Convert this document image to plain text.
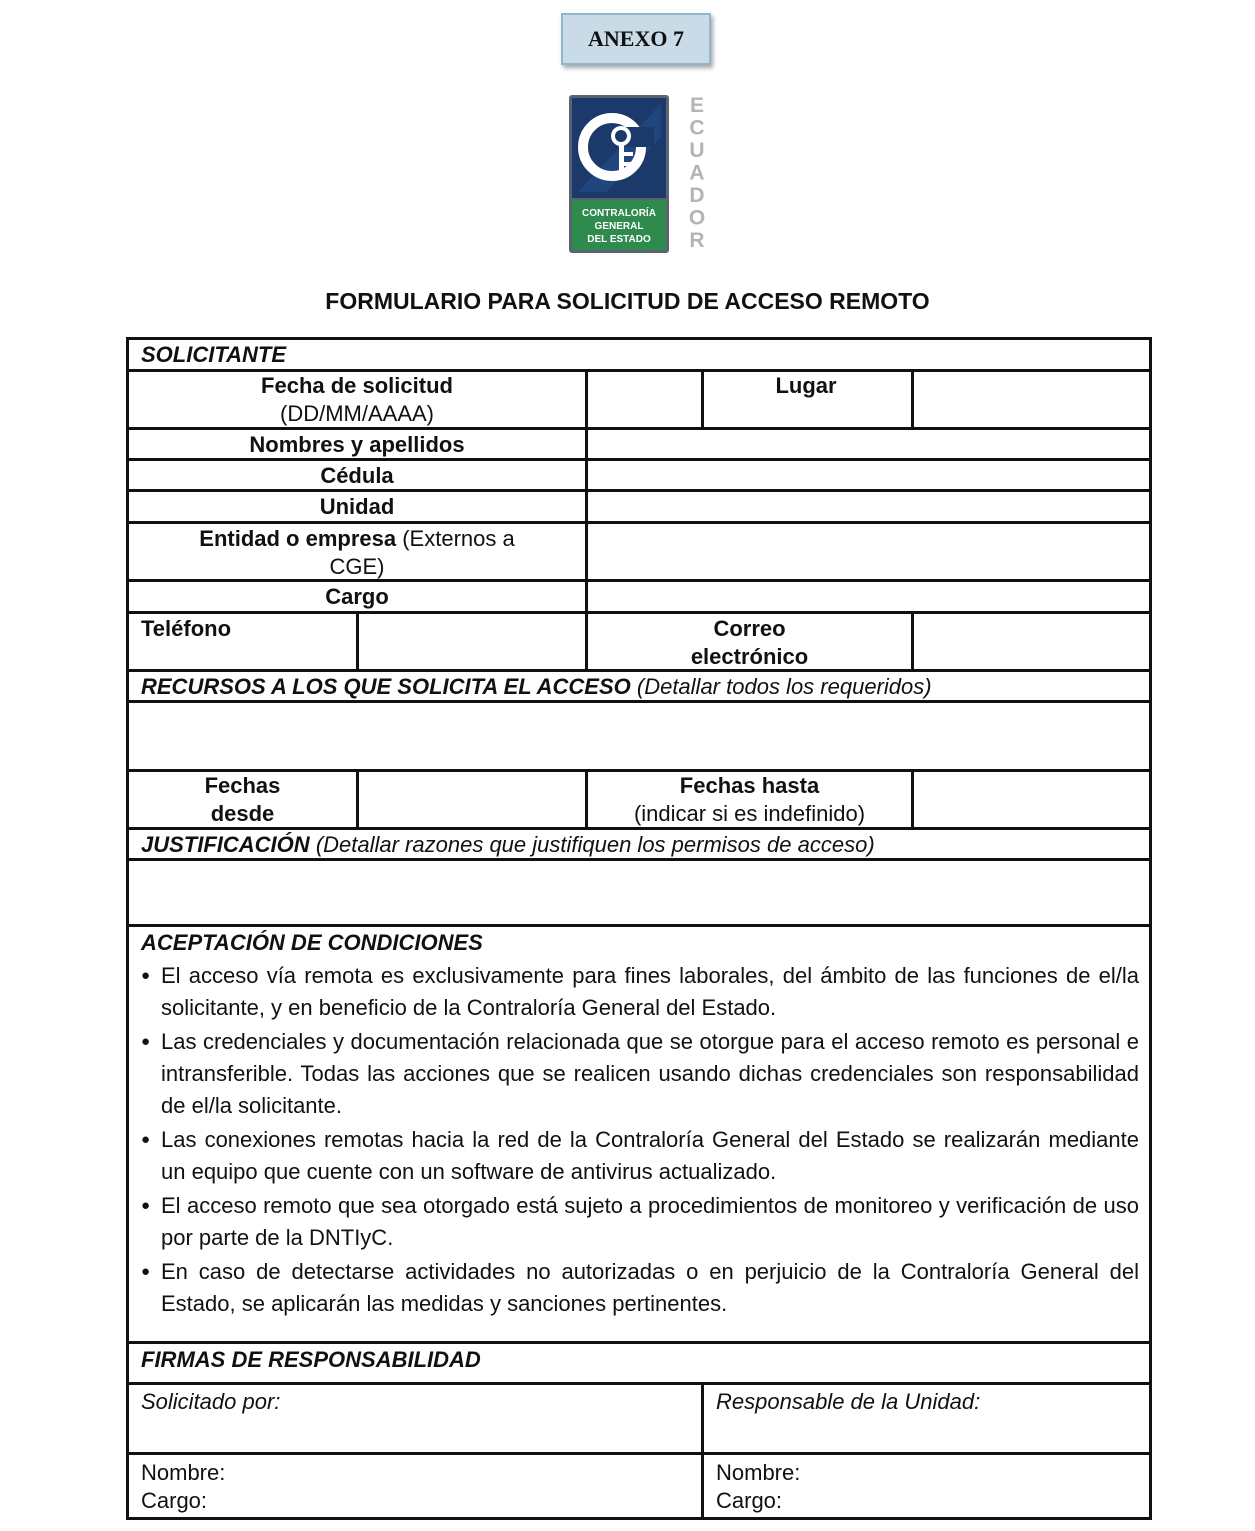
ANEXO 7
CONTRALORÍA
GENERAL
DEL ESTADO
E
C
U
A
D
O
R
FORMULARIO PARA SOLICITUD DE ACCESO REMOTO
SOLICITANTE
Fecha de solicitud
(DD/MM/AAAA)
Lugar
Nombres y apellidos
Cédula
Unidad
Entidad o empresa (Externos a
CGE)
Cargo
Teléfono	Correo
electrónico
RECURSOS A LOS QUE SOLICITA EL ACCESO (Detallar todos los requeridos)
Fechas
desde
Fechas hasta
(indicar si es indefinido)
JUSTIFICACIÓN (Detallar razones que justifiquen los permisos de acceso)
ACEPTACIÓN DE CONDICIONES
● El acceso vía remota es exclusivamente para fines laborales, del ámbito de las funciones de el/la solicitante, y en beneficio de la Contraloría General del Estado.
● Las credenciales y documentación relacionada que se otorgue para el acceso remoto es personal e intransferible. Todas las acciones que se realicen usando dichas credenciales son responsabilidad de el/la solicitante.
● Las conexiones remotas hacia la red de la Contraloría General del Estado se realizarán mediante un equipo que cuente con un software de antivirus actualizado.
● El acceso remoto que sea otorgado está sujeto a procedimientos de monitoreo y verificación de uso por parte de la DNTIyC.
● En caso de detectarse actividades no autorizadas o en perjuicio de la Contraloría General del Estado, se aplicarán las medidas y sanciones pertinentes.
FIRMAS DE RESPONSABILIDAD
Solicitado por:	Responsable de la Unidad:
Nombre:
Cargo:
Nombre:
Cargo:
